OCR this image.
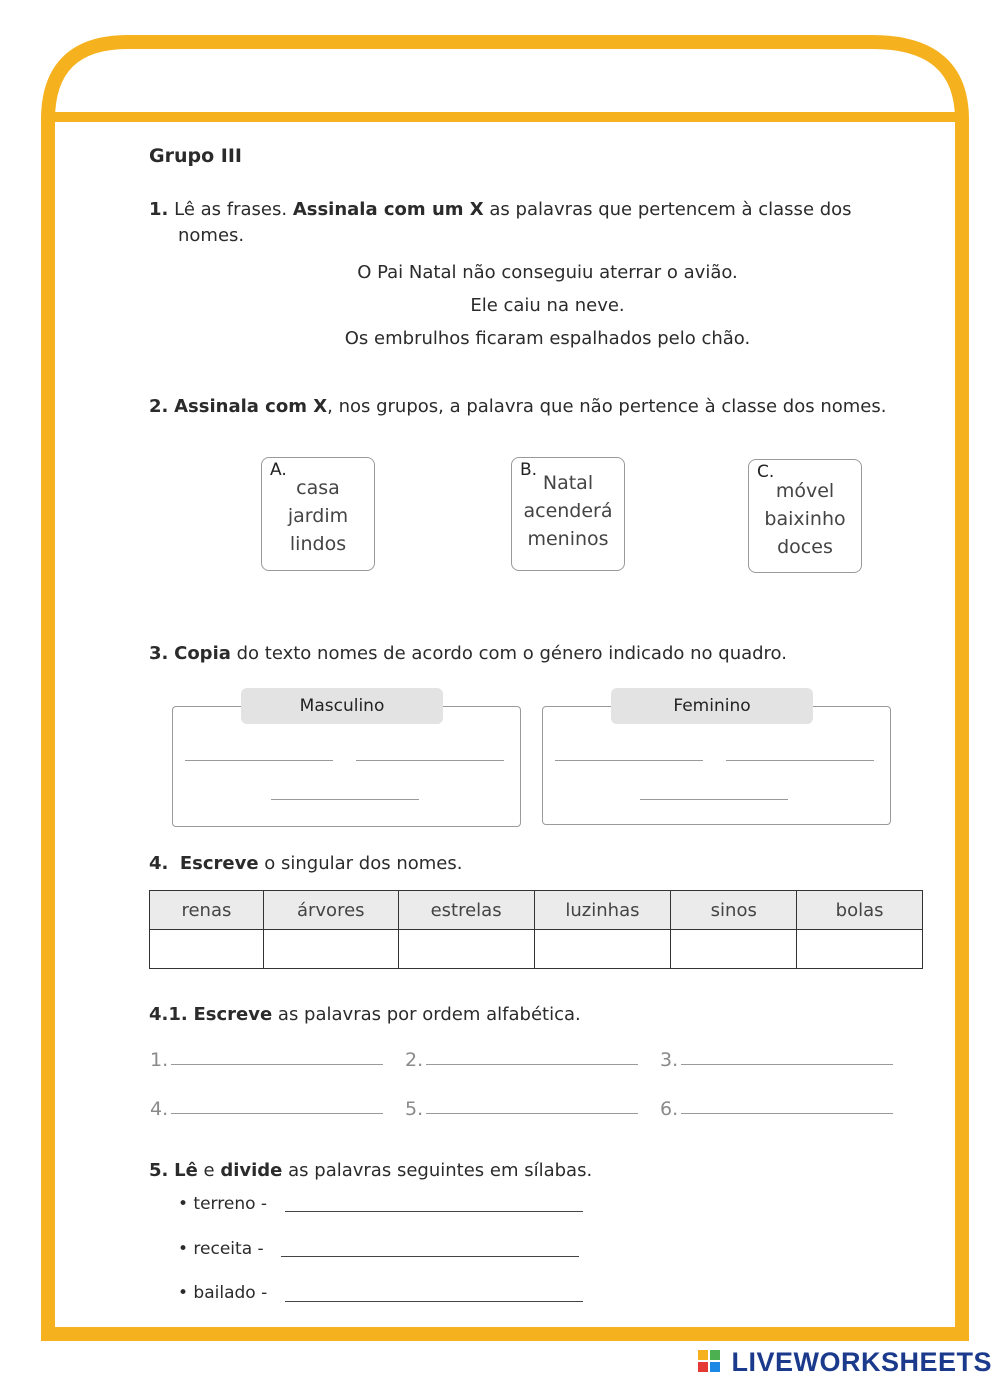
Grupo III
1. Lê as frases. Assinala com um X as palavras que pertencem à classe dos
nomes.
O Pai Natal não conseguiu aterrar o avião.
Ele caiu na neve.
Os embrulhos ficaram espalhados pelo chão.
2. Assinala com X, nos grupos, a palavra que não pertence à classe dos nomes.
A.
casa
jardim
lindos
B.
Natal
acenderá
meninos
C.
móvel
baixinho
doces
3. Copia do texto nomes de acordo com o género indicado no quadro.
Masculino	Feminino
4. Escreve o singular dos nomes.
renas	árvores	estrelas	luzinhas	sinos	bolas

4.1. Escreve as palavras por ordem alfabética.
1.	2.	3.
4.	5.	6.
5. Lê e divide as palavras seguintes em sílabas.
• terreno -
• receita -
• bailado -
LIVEWORKSHEETS
